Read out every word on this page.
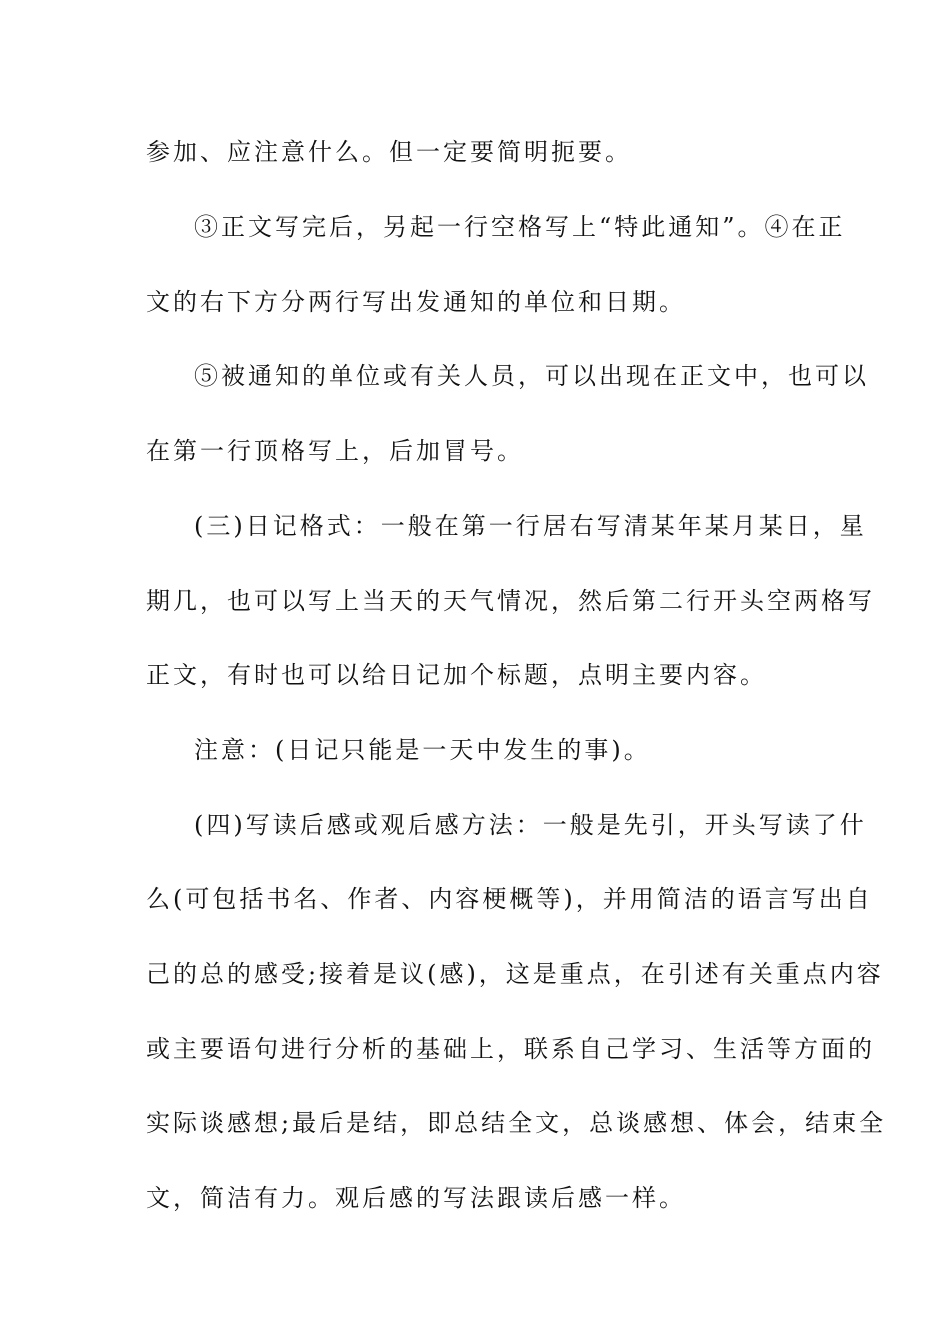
参加、应注意什么。但一定要简明扼要。
③正文写完后，另起一行空格写上“特此通知”。④在正
文的右下方分两行写出发通知的单位和日期。
⑤被通知的单位或有关人员，可以出现在正文中，也可以
在第一行顶格写上，后加冒号。
(三)日记格式：一般在第一行居右写清某年某月某日，星
期几，也可以写上当天的天气情况，然后第二行开头空两格写
正文，有时也可以给日记加个标题，点明主要内容。
注意：(日记只能是一天中发生的事)。
(四)写读后感或观后感方法：一般是先引，开头写读了什
么(可包括书名、作者、内容梗概等)，并用简洁的语言写出自
己的总的感受;接着是议(感)，这是重点，在引述有关重点内容
或主要语句进行分析的基础上，联系自己学习、生活等方面的
实际谈感想;最后是结，即总结全文，总谈感想、体会，结束全
文，简洁有力。观后感的写法跟读后感一样。
